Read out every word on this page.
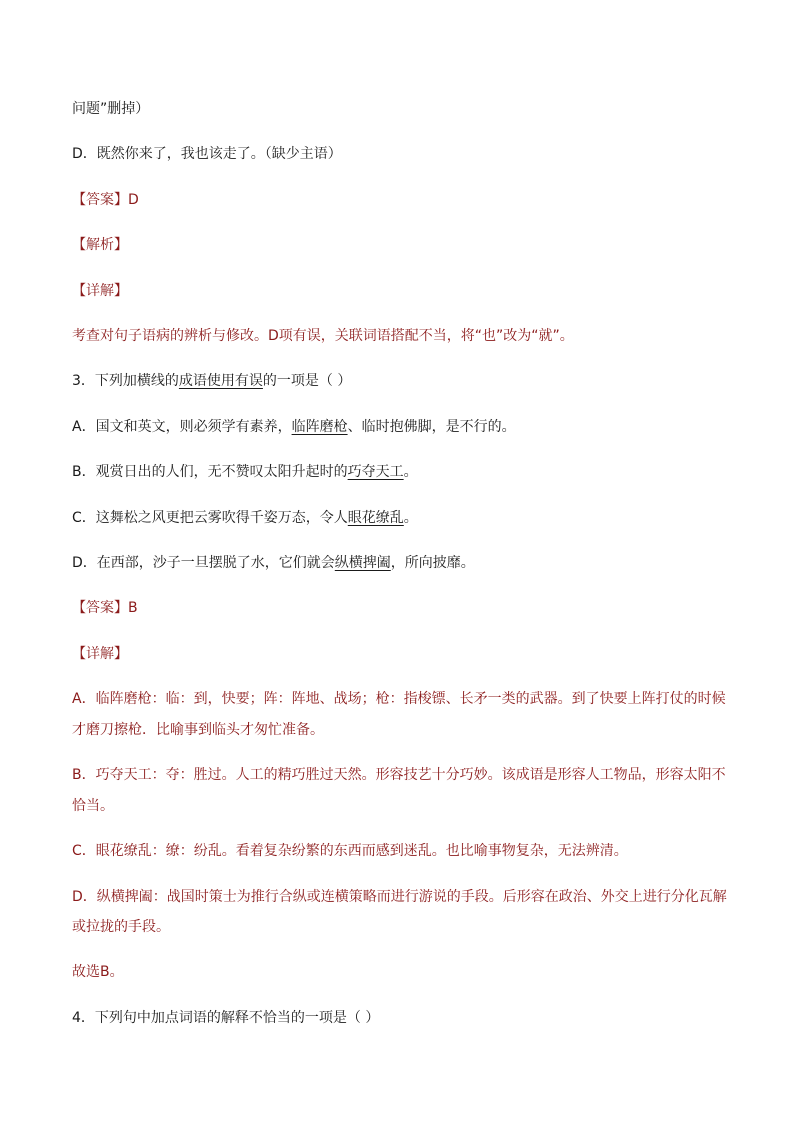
问题”删掉）

D．既然你来了，我也该走了。（缺少主语）

【答案】D

【解析】

【详解】

考查对句子语病的辨析与修改。D项有误，关联词语搭配不当，将“也”改为“就”。

3．下列加横线的成语使用有误的一项是（ ）

A．国文和英文，则必须学有素养，临阵磨枪、临时抱佛脚，是不行的。

B．观赏日出的人们，无不赞叹太阳升起时的巧夺天工。

C．这舞松之风更把云雾吹得千姿万态，令人眼花缭乱。

D．在西部，沙子一旦摆脱了水，它们就会纵横捭阖，所向披靡。

【答案】B

【详解】

A．临阵磨枪：临：到，快要；阵：阵地、战场；枪：指梭镖、长矛一类的武器。到了快要上阵打仗的时候

才磨刀擦枪．比喻事到临头才匆忙准备。

B．巧夺天工：夺：胜过。人工的精巧胜过天然。形容技艺十分巧妙。该成语是形容人工物品，形容太阳不

恰当。

C．眼花缭乱：缭：纷乱。看着复杂纷繁的东西而感到迷乱。也比喻事物复杂，无法辨清。

D．纵横捭阖：战国时策士为推行合纵或连横策略而进行游说的手段。后形容在政治、外交上进行分化瓦解

或拉拢的手段。

故选B。

4．下列句中加点词语的解释不恰当的一项是（ ）
